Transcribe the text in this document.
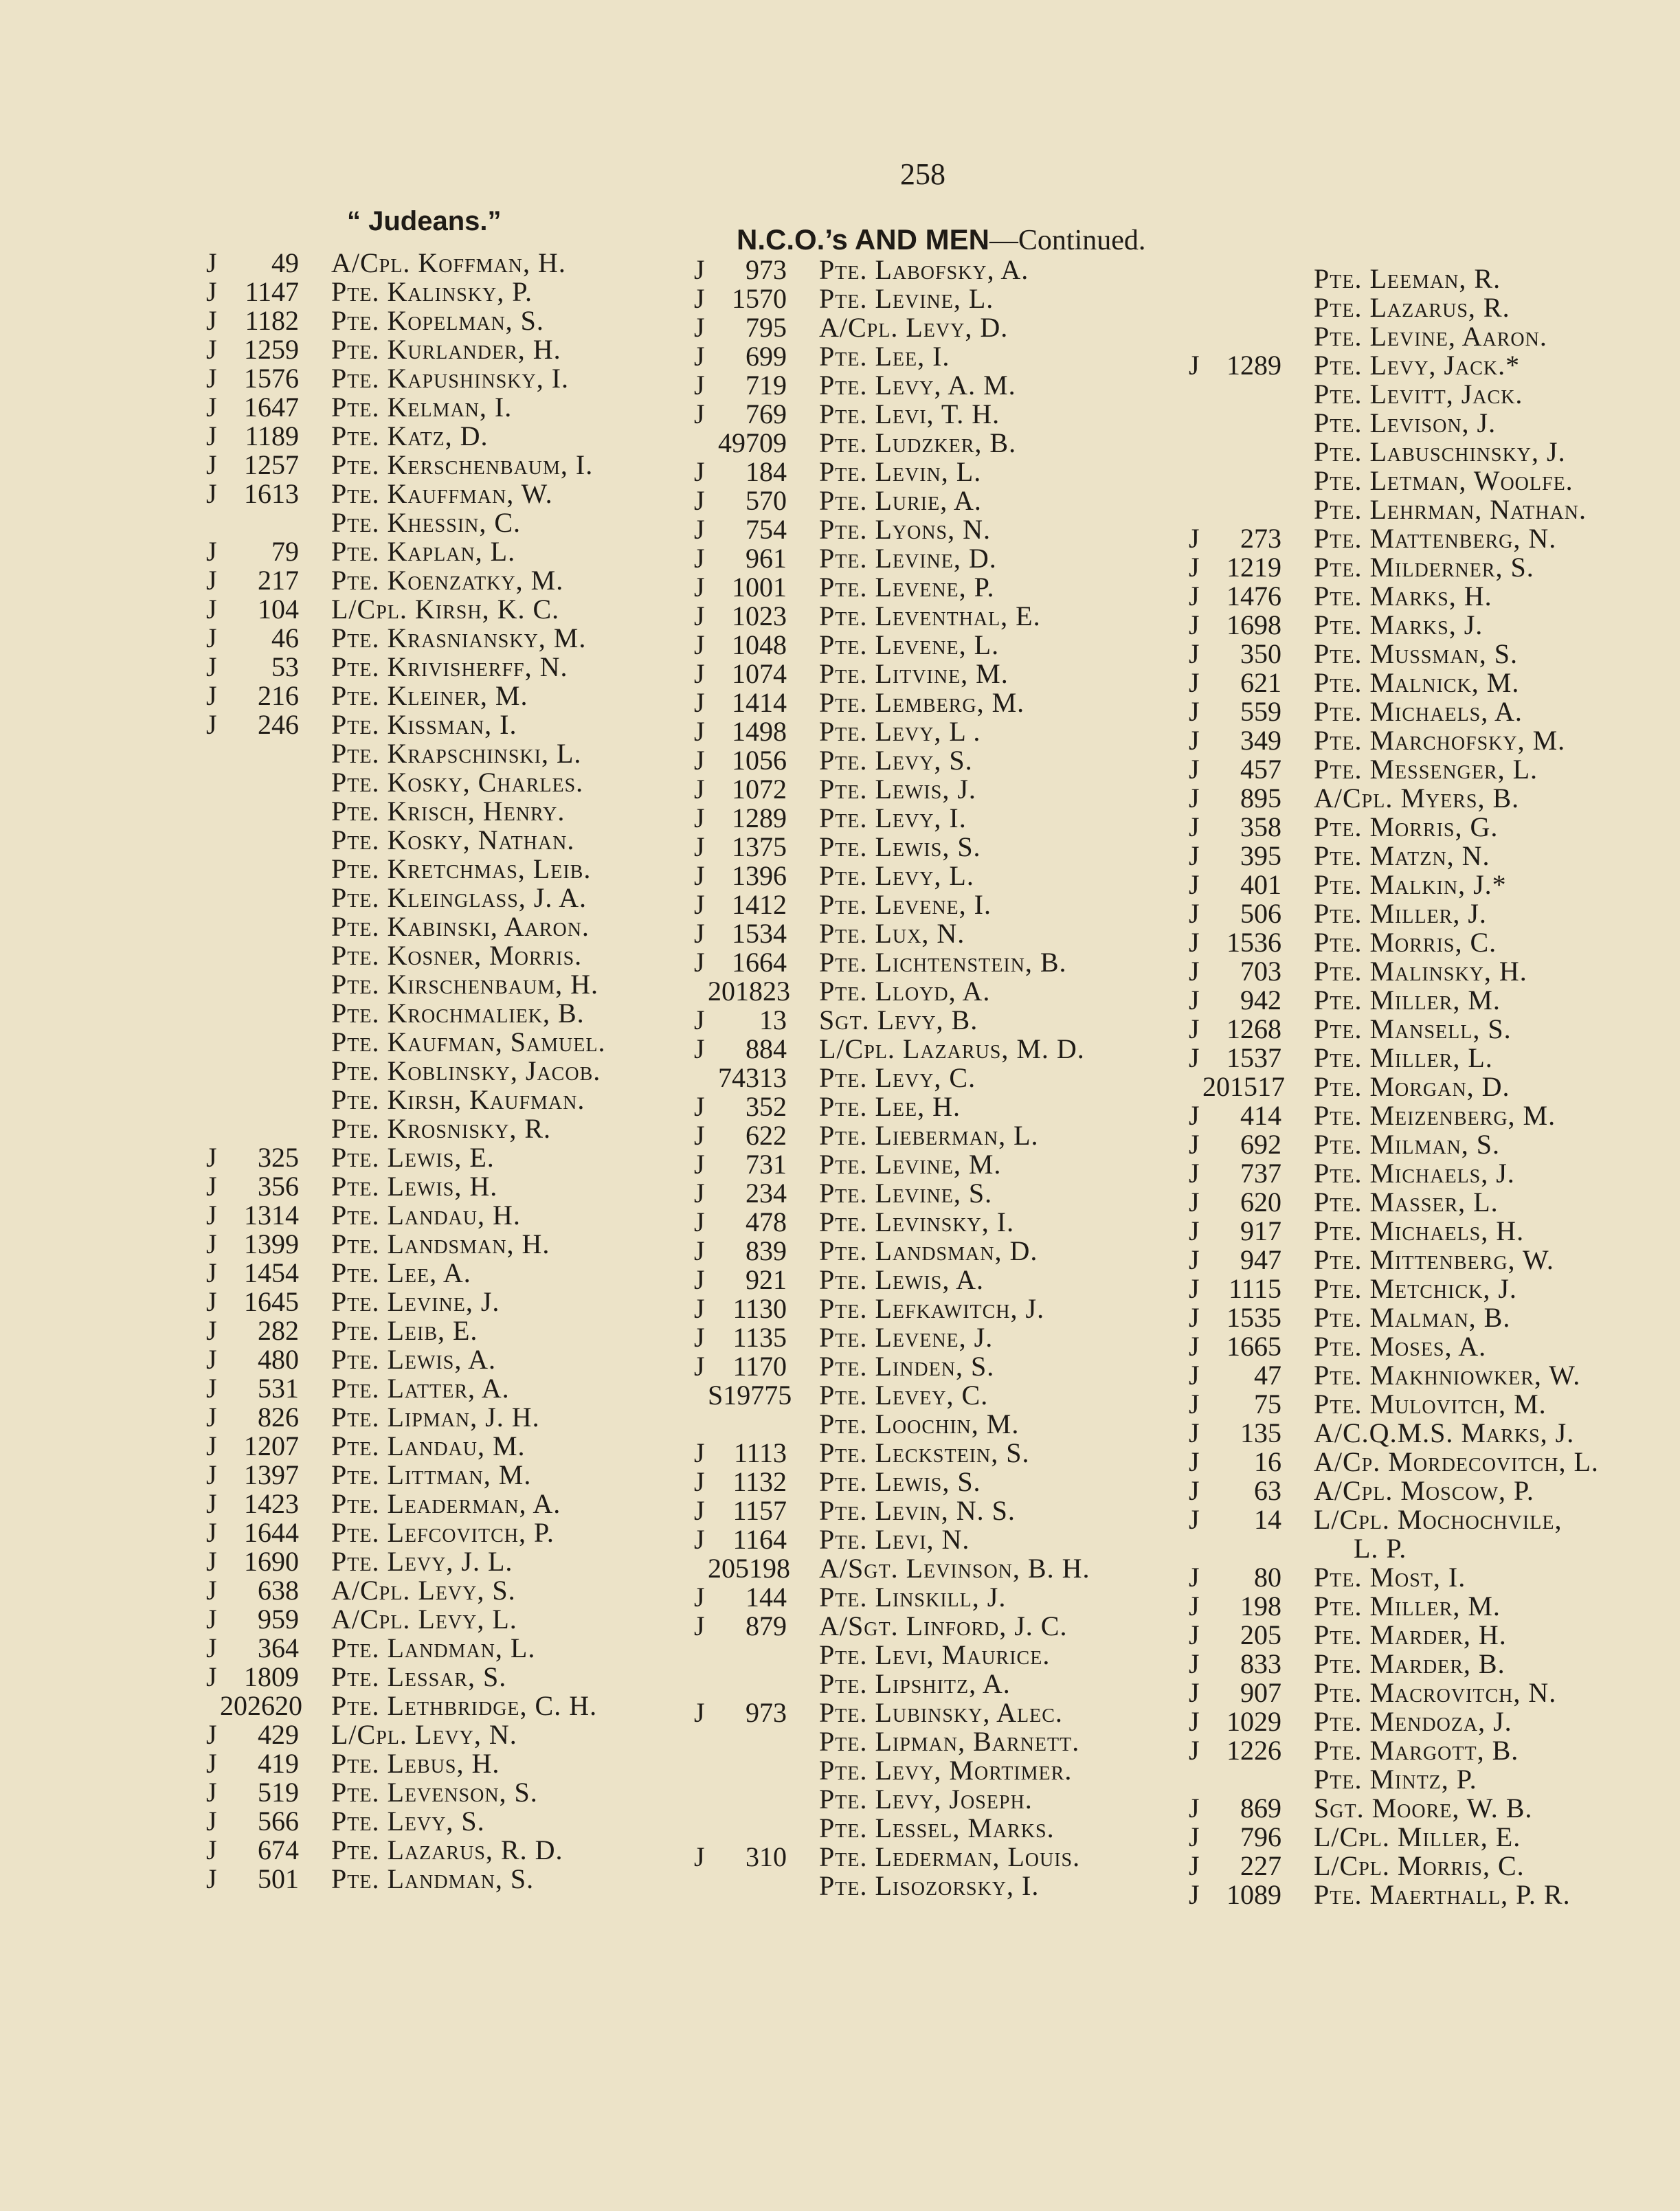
258
“ Judeans.”
N.C.O.’s AND MEN—Continued.
J	49 A/Cpl. Koffman, H.
J	1147 Pte. Kalinsky, P.
J	1182 Pte. Kopelman, S.
J 1259 Pte. Kurlander, H.
J 1576 Pte. Kapushinsky, I.
J 1647 Pte. Kelman, I.
J	1189 Pte. Katz, D.
J 1257 Pte. Kerschenbaum, I.
J 1613 Pte. Kauffman, W.
Pte. Khessin, C.
J	79 Pte. Kaplan, L.
J	217 Pte. Koenzatky, M.
J	104 L/Cpl. Kirsh, K. C.
J	46 Pte. Krasniansky, M.
J	53 Pte. Krivisherff, N.
J	216 Pte. Kleiner, M.
J	246 Pte. Kissman, I.
Pte. Krapschinski, L.
Pte. Kosky, Charles.
Pte. Krisch, Henry.
Pte. Kosky, Nathan.
Pte. Kretchmas, Leib.
Pte. Kleinglass, J. A.
Pte. Kabinski, Aaron.
Pte. Kosner, Morris.
Pte. Kirschenbaum, H.
Pte. Krochmaliek, B.
Pte. Kaufman, Samuel.
Pte. Koblinsky, Jacob.
Pte. Kirsh, Kaufman.
Pte. Krosnisky, R.
J	325 Pte. Lewis, E.
J	356 Pte. Lewis, H.
J 1314 Pte. Landau, H.
J 1399 Pte. Landsman, H.
J 1454 Pte. Lee, A.
J 1645 Pte. Levine, J.
J	282 Pte. Leib, E.
J	480 Pte. Lewis, A.
J	531 Pte. Latter, A.
J	826 Pte. Lipman, J. H.
J 1207 Pte. Landau, M.
J 1397 Pte. Littman, M.
J 1423 Pte. Leaderman, A.
J 1644 Pte. Lefcovitch, P.
J 1690 Pte. Levy, J. L.
J	638 A/Cpl. Levy, S.
J	959 A/Cpl. Levy, L.
J	364 Pte. Landman, L.
J 1809 Pte. Lessar, S.
202620 Pte. Lethbridge, C. H.
J	429 L/Cpl. Levy, N.
J	419 Pte. Lebus, H.
J	519 Pte. Levenson, S.
J	566 Pte. Levy, S.
J	674 Pte. Lazarus, R. D.
J	501 Pte. Landman, S.
J	973 Pte. Labofsky, A.
J 1570 Pte. Levine, L.
J	795 A/Cpl. Levy, D.
J	699 Pte. Lee, I.
J	719 Pte. Levy, A. M.
J	769 Pte. Levi, T. H.
49709 Pte. Ludzker, B.
J	184 Pte. Levin, L.
J	570 Pte. Lurie, A.
J	754 Pte. Lyons, N.
J	961 Pte. Levine, D.
J 1001 Pte. Levene, P.
J 1023 Pte. Leventhal, E.
J 1048 Pte. Levene, L.
J 1074 Pte. Litvine, M.
J 1414 Pte. Lemberg, M.
J 1498 Pte. Levy, L .
J 1056 Pte. Levy, S.
J 1072 Pte. Lewis, J.
J 1289 Pte. Levy, I.
J 1375 Pte. Lewis, S.
J 1396 Pte. Levy, L.
J 1412 Pte. Levene, I.
J 1534 Pte. Lux, N.
J 1664 Pte. Lichtenstein, B.
201823 Pte. Lloyd, A.
J	13 Sgt. Levy, B.
J	884 L/Cpl. Lazarus, M. D.
74313 Pte. Levy, C.
J	352 Pte. Lee, H.
J	622 Pte. Lieberman, L.
J	731 Pte. Levine, M.
J	234 Pte. Levine, S.
J	478 Pte. Levinsky, I.
J	839 Pte. Landsman, D.
J	921 Pte. Lewis, A.
J	1130 Pte. Lefkawitch, J.
J	1135 Pte. Levene, J.
J	1170 Pte. Linden, S.
S19775 Pte. Levey, C.
Pte. Loochin, M.
J	1113 Pte. Leckstein, S.
J	1132 Pte. Lewis, S.
J	1157 Pte. Levin, N. S.
J	1164 Pte. Levi, N.
205198 A/Sgt. Levinson, B. H.
J	144 Pte. Linskill, J.
J	879 A/Sgt. Linford, J. C.
Pte. Levi, Maurice.
Pte. Lipshitz, A.
J	973 Pte. Lubinsky, Alec.
Pte. Lipman, Barnett.
Pte. Levy, Mortimer.
Pte. Levy, Joseph.
Pte. Lessel, Marks.
J	310 Pte. Lederman, Louis.
Pte. Lisozorsky, I.
Pte. Leeman, R.
Pte. Lazarus, R.
Pte. Levine, Aaron.
J 1289 Pte. Levy, Jack.*
Pte. Levitt, Jack.
Pte. Levison, J.
Pte. Labuschinsky, J.
Pte. Letman, Woolfe.
Pte. Lehrman, Nathan.
J	273 Pte. Mattenberg, N.
J 1219 Pte. Milderner, S.
J 1476 Pte. Marks, H.
J 1698 Pte. Marks, J.
J	350 Pte. Mussman, S.
J	621 Pte. Malnick, M.
J	559 Pte. Michaels, A.
J	349 Pte. Marchofsky, M.
J	457 Pte. Messenger, L.
J	895 A/Cpl. Myers, B.
J	358 Pte. Morris, G.
J	395 Pte. Matzn, N.
J	401 Pte. Malkin, J.*
J	506 Pte. Miller, J.
J 1536 Pte. Morris, C.
J	703 Pte. Malinsky, H.
J	942 Pte. Miller, M.
J 1268 Pte. Mansell, S.
J 1537 Pte. Miller, L.
201517 Pte. Morgan, D.
J	414 Pte. Meizenberg, M.
J	692 Pte. Milman, S.
J	737 Pte. Michaels, J.
J	620 Pte. Masser, L.
J	917 Pte. Michaels, H.
J	947 Pte. Mittenberg, W.
J	1115 Pte. Metchick, J.
J 1535 Pte. Malman, B.
J 1665 Pte. Moses, A.
J	47 Pte. Makhniowker, W.
J	75 Pte. Mulovitch, M.
J	135 A/C.Q.M.S. Marks, J.
J	16 A/Cp. Mordecovitch, L.
J	63 A/Cpl. Moscow, P.
J	14 L/Cpl. Mochochvile,
L. P.
J	80 Pte. Most, I.
J	198 Pte. Miller, M.
J	205 Pte. Marder, H.
J	833 Pte. Marder, B.
J	907 Pte. Macrovitch, N.
J 1029 Pte. Mendoza, J.
J 1226 Pte. Margott, B.
Pte. Mintz, P.
J	869 Sgt. Moore, W. B.
J	796 L/Cpl. Miller, E.
J	227 L/Cpl. Morris, C.
J 1089 Pte. Maerthall, P. R.
